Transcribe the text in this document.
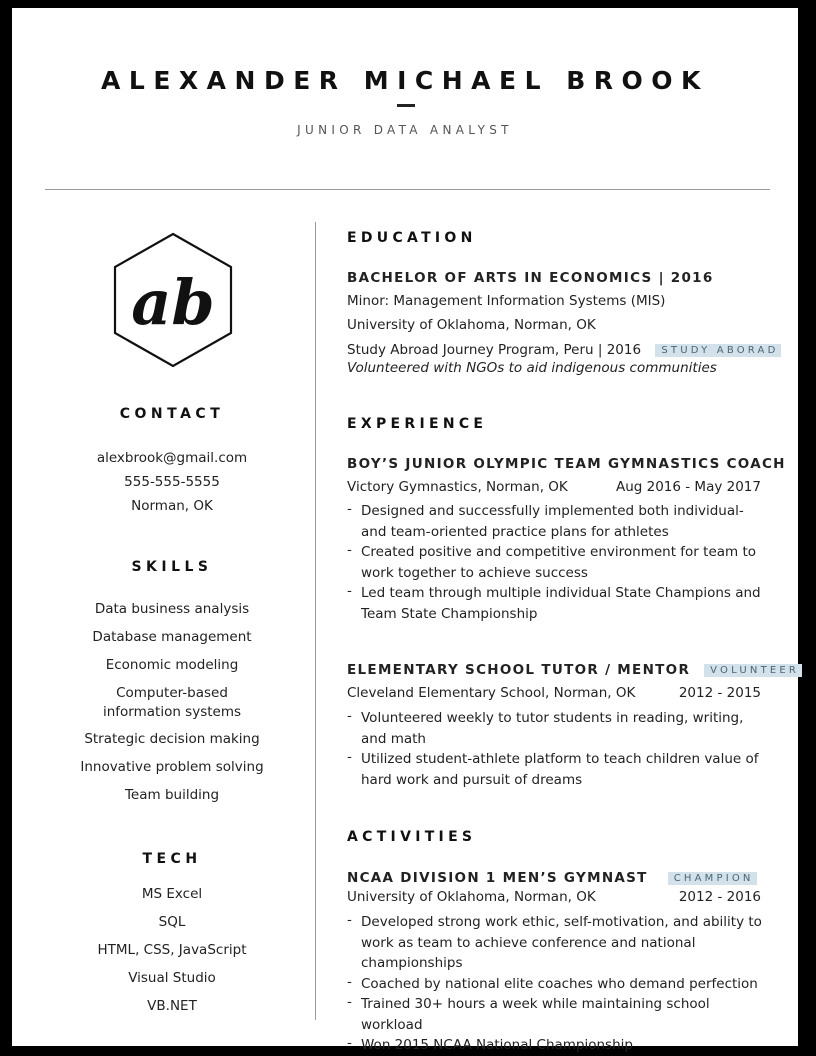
ALEXANDER MICHAEL BROOK
JUNIOR DATA ANALYST
ab
CONTACT
alexbrook@gmail.com
555-555-5555
Norman, OK
SKILLS
Data business analysis
Database management
Economic modeling
Computer-based information systems
Strategic decision making
Innovative problem solving
Team building
TECH
MS Excel
SQL
HTML, CSS, JavaScript
Visual Studio
VB.NET
EDUCATION
BACHELOR OF ARTS IN ECONOMICS | 2016
Minor: Management Information Systems (MIS)
University of Oklahoma, Norman, OK
Study Abroad Journey Program, Peru | 2016 STUDY ABORAD
Volunteered with NGOs to aid indigenous communities
EXPERIENCE
BOY’S JUNIOR OLYMPIC TEAM GYMNASTICS COACH
Victory Gymnastics, Norman, OK	Aug 2016 - May 2017
- Designed and successfully implemented both individual- and team-oriented practice plans for athletes
- Created positive and competitive environment for team to work together to achieve success
- Led team through multiple individual State Champions and Team State Championship
ELEMENTARY SCHOOL TUTOR / MENTOR VOLUNTEER
Cleveland Elementary School, Norman, OK	2012 - 2015
- Volunteered weekly to tutor students in reading, writing, and math
- Utilized student-athlete platform to teach children value of hard work and pursuit of dreams
ACTIVITIES
NCAA DIVISION 1 MEN’S GYMNAST	CHAMPION
University of Oklahoma, Norman, OK	2012 - 2016
- Developed strong work ethic, self-motivation, and ability to work as team to achieve conference and national championships
- Coached by national elite coaches who demand perfection
- Trained 30+ hours a week while maintaining school workload
- Won 2015 NCAA National Championship
